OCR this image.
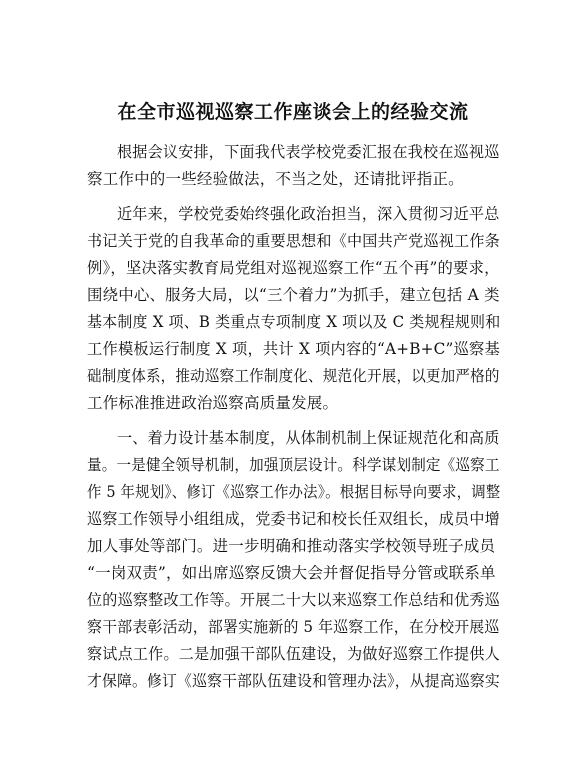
在全市巡视巡察工作座谈会上的经验交流
根据会议安排，下面我代表学校党委汇报在我校在巡视巡
察工作中的一些经验做法，不当之处，还请批评指正。
近年来，学校党委始终强化政治担当，深入贯彻习近平总
书记关于党的自我革命的重要思想和《中国共产党巡视工作条
例》，坚决落实教育局党组对巡视巡察工作“五个再”的要求，
围绕中心、服务大局，以“三个着力”为抓手，建立包括 A 类
基本制度 X 项、B 类重点专项制度 X 项以及 C 类规程规则和
工作模板运行制度 X 项，共计 X 项内容的“A+B+C”巡察基
础制度体系，推动巡察工作制度化、规范化开展，以更加严格的
工作标准推进政治巡察高质量发展。
一、着力设计基本制度，从体制机制上保证规范化和高质
量。一是健全领导机制，加强顶层设计。科学谋划制定《巡察工
作 5 年规划》、修订《巡察工作办法》。根据目标导向要求，调整
巡察工作领导小组组成，党委书记和校长任双组长，成员中增
加人事处等部门。进一步明确和推动落实学校领导班子成员
“一岗双责”，如出席巡察反馈大会并督促指导分管或联系单
位的巡察整改工作等。开展二十大以来巡察工作总结和优秀巡
察干部表彰活动，部署实施新的 5 年巡察工作，在分校开展巡
察试点工作。二是加强干部队伍建设，为做好巡察工作提供人
才保障。修订《巡察干部队伍建设和管理办法》，从提高巡察实
